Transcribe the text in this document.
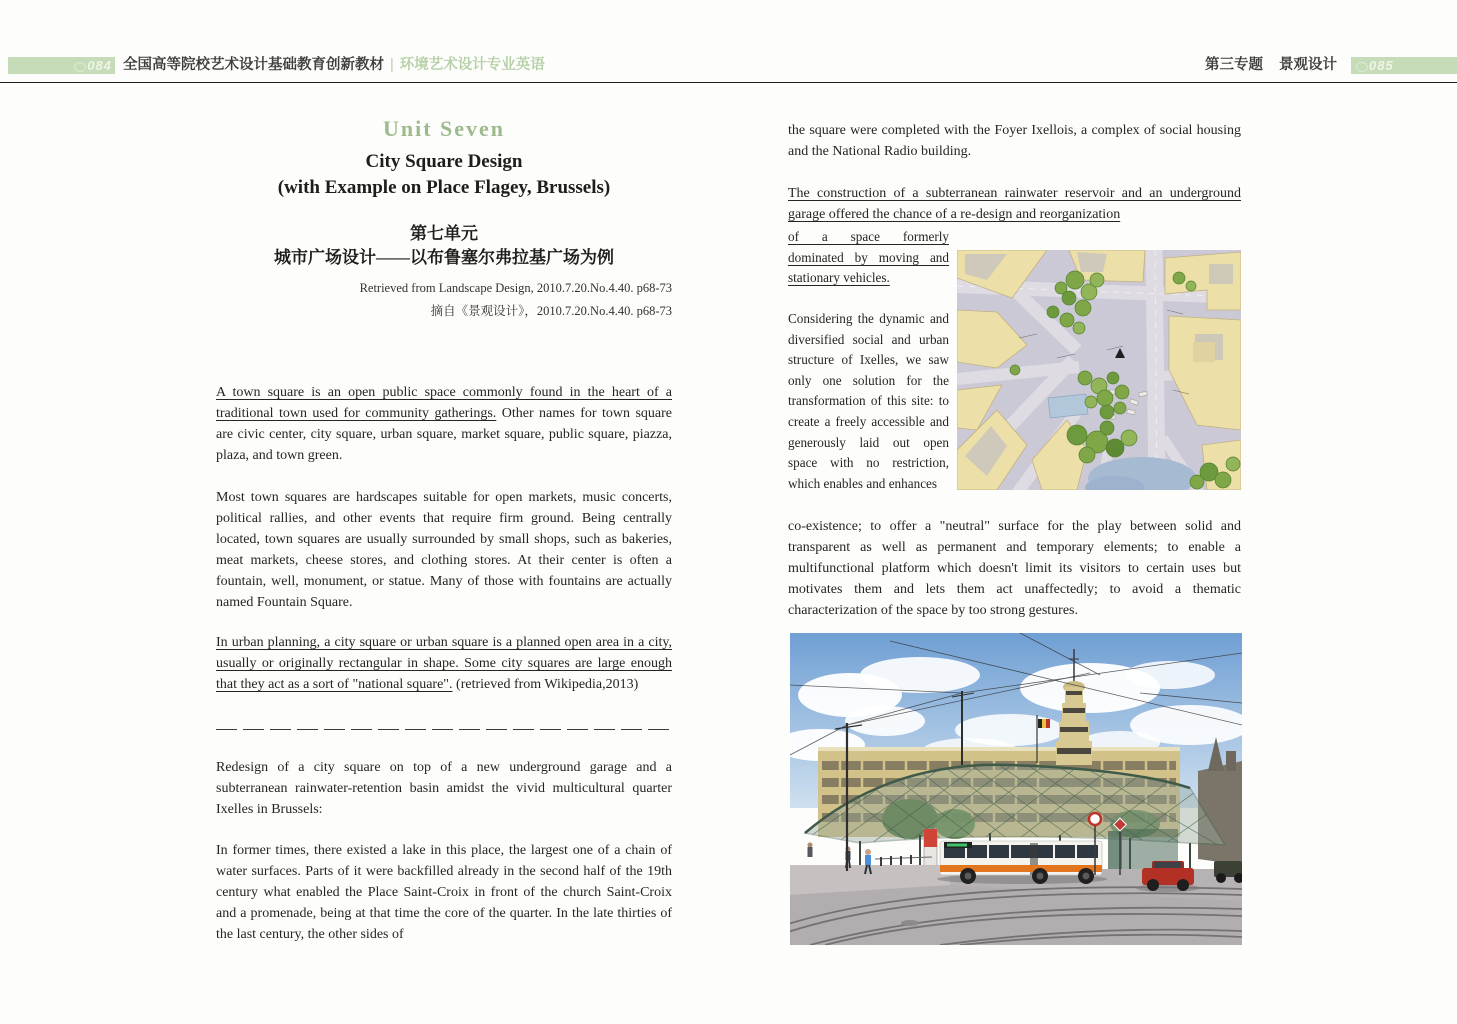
084 全国高等院校艺术设计基础教育创新教材 | 环境艺术设计专业英语	第三专题 景观设计	085
Unit Seven
City Square Design
(with Example on Place Flagey, Brussels)
第七单元
城市广场设计——以布鲁塞尔弗拉基广场为例
Retrieved from Landscape Design, 2010.7.20.No.4.40. p68-73
摘自《景观设计》，2010.7.20.No.4.40. p68-73

A town square is an open public space commonly found in the heart of a traditional town used for community gatherings. Other names for town square are civic center, city square, urban square, market square, public square, piazza, plaza, and town green.

Most town squares are hardscapes suitable for open markets, music concerts, political rallies, and other events that require firm ground. Being centrally located, town squares are usually surrounded by small shops, such as bakeries, meat markets, cheese stores, and clothing stores. At their center is often a fountain, well, monument, or statue. Many of those with fountains are actually named Fountain Square.

In urban planning, a city square or urban square is a planned open area in a city, usually or originally rectangular in shape. Some city squares are large enough that they act as a sort of "national square". (retrieved from Wikipedia,2013)

Redesign of a city square on top of a new underground garage and a subterranean rainwater-retention basin amidst the vivid multicultural quarter Ixelles in Brussels:

In former times, there existed a lake in this place, the largest one of a chain of water surfaces. Parts of it were backfilled already in the second half of the 19th century what enabled the Place Saint-Croix in front of the church Saint-Croix and a promenade, being at that time the core of the quarter. In the late thirties of the last century, the other sides of

the square were completed with the Foyer Ixellois, a complex of social housing and the National Radio building.

The construction of a subterranean rainwater reservoir and an underground garage offered the chance of a re-design and reorganization

of a space formerly dominated by moving and stationary vehicles.

Considering the dynamic and diversified social and urban structure of Ixelles, we saw only one solution for the transformation of this site: to create a freely accessible and generously laid out open space with no restriction, which enables and enhances

co-existence; to offer a "neutral" surface for the play between solid and transparent as well as permanent and temporary elements; to enable a multifunctional platform which doesn't limit its visitors to certain uses but motivates them and lets them act unaffectedly; to avoid a thematic characterization of the space by too strong gestures.
